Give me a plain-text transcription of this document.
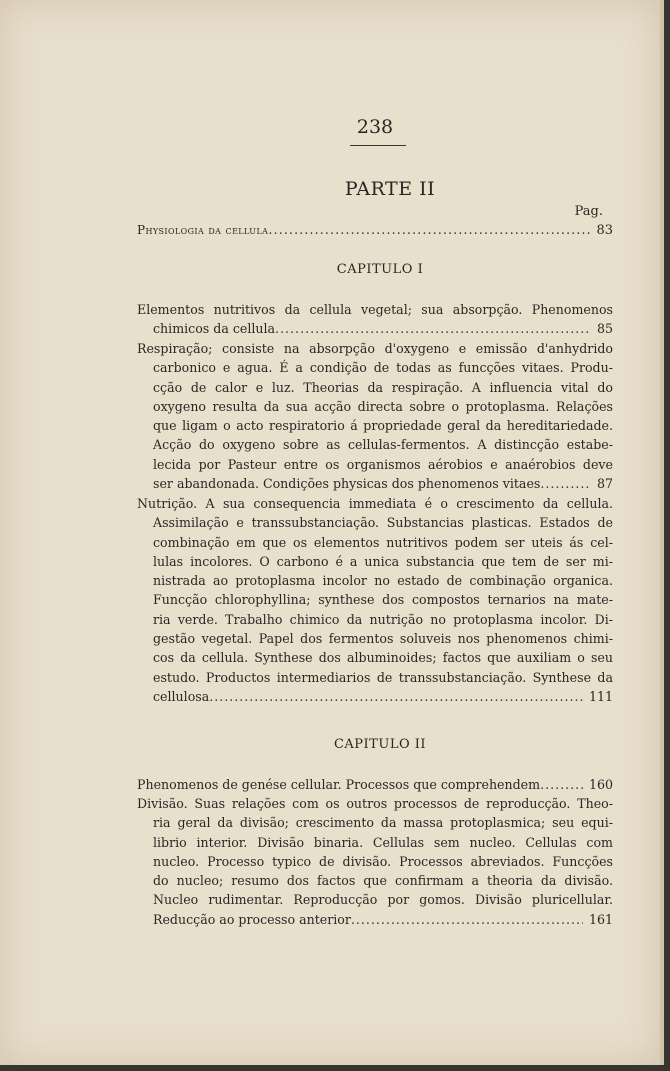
238
PARTE II
Pag.
Physiologia da cellula .....	83
CAPITULO I
Elementos nutritivos da cellula vegetal; sua absorpção. Phenomenos
chimicos da cellula .....	85
Respiração; consiste na absorpção d'oxygeno e emissão d'anhydrido
carbonico e agua. É a condição de todas as funcções vitaes. Produ-
cção de calor e luz. Theorias da respiração. A influencia vital do
oxygeno resulta da sua acção directa sobre o protoplasma. Relações
que ligam o acto respiratorio á propriedade geral da hereditariedade.
Acção do oxygeno sobre as cellulas-fermentos. A distincção estabe-
lecida por Pasteur entre os organismos aérobios e anaérobios deve
ser abandonada. Condições physicas dos phenomenos vitaes .....	87
Nutrição. A sua consequencia immediata é o crescimento da cellula.
Assimilação e transsubstanciação. Substancias plasticas. Estados de
combinação em que os elementos nutritivos podem ser uteis ás cel-
lulas incolores. O carbono é a unica substancia que tem de ser mi-
nistrada ao protoplasma incolor no estado de combinação organica.
Funcção chlorophyllina; synthese dos compostos ternarios na mate-
ria verde. Trabalho chimico da nutrição no protoplasma incolor. Di-
gestão vegetal. Papel dos fermentos soluveis nos phenomenos chimi-
cos da cellula. Synthese dos albuminoides; factos que auxiliam o seu
estudo. Productos intermediarios de transsubstanciação. Synthese da
cellulosa .....	111
CAPITULO II
Phenomenos de genése cellular. Processos que comprehendem .....	160
Divisão. Suas relações com os outros processos de reproducção. Theo-
ria geral da divisão; crescimento da massa protoplasmica; seu equi-
librio interior. Divisão binaria. Cellulas sem nucleo. Cellulas com
nucleo. Processo typico de divisão. Processos abreviados. Funcções
do nucleo; resumo dos factos que confirmam a theoria da divisão.
Nucleo rudimentar. Reproducção por gomos. Divisão pluricellular.
Reducção ao processo anterior .....	161
